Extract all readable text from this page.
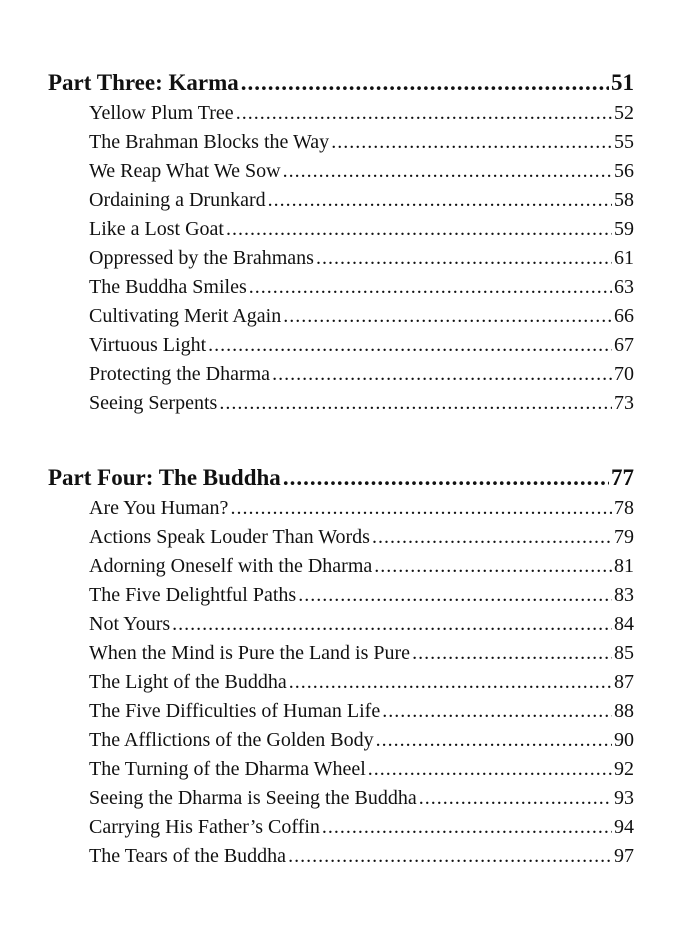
Part Three: Karma .....	51
Yellow Plum Tree .....	52
The Brahman Blocks the Way .....	55
We Reap What We Sow .....	56
Ordaining a Drunkard .....	58
Like a Lost Goat .....	59
Oppressed by the Brahmans .....	61
The Buddha Smiles .....	63
Cultivating Merit Again .....	66
Virtuous Light .....	67
Protecting the Dharma .....	70
Seeing Serpents .....	73
Part Four: The Buddha .....	77
Are You Human? .....	78
Actions Speak Louder Than Words .....	79
Adorning Oneself with the Dharma .....	81
The Five Delightful Paths .....	83
Not Yours .....	84
When the Mind is Pure the Land is Pure .....	85
The Light of the Buddha .....	87
The Five Difficulties of Human Life .....	88
The Afflictions of the Golden Body .....	90
The Turning of the Dharma Wheel .....	92
Seeing the Dharma is Seeing the Buddha .....	93
Carrying His Father’s Coffin .....	94
The Tears of the Buddha .....	97
